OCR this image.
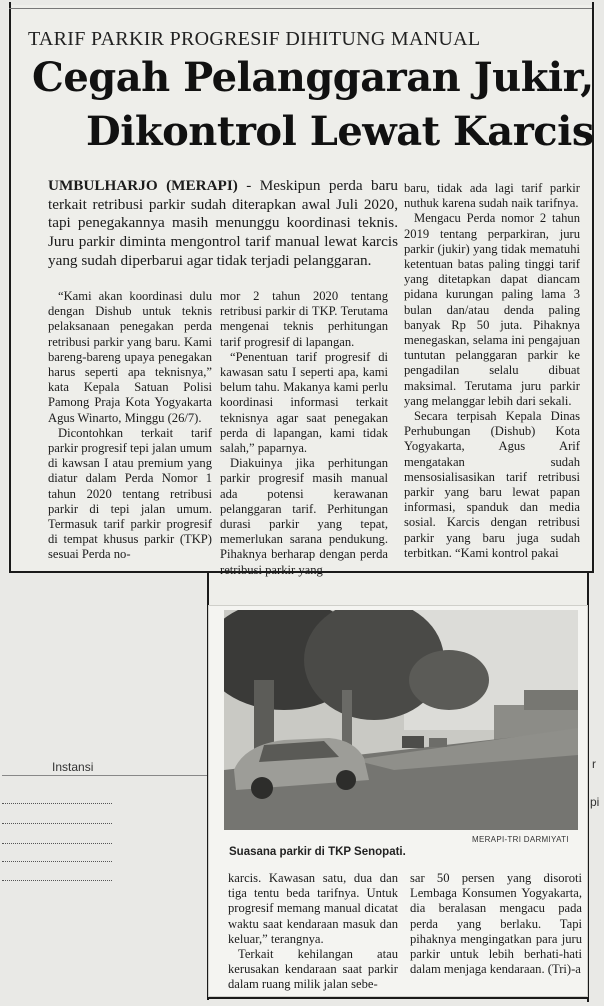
Instansi
pi
r
TARIF PARKIR PROGRESIF DIHITUNG MANUAL
Cegah Pelanggaran Jukir,
Dikontrol Lewat Karcis
UMBULHARJO (MERAPI) - Meskipun perda baru terkait retribusi parkir sudah diterapkan awal Juli 2020, tapi penegakannya masih menunggu koordinasi teknis. Juru parkir diminta mengontrol tarif manual lewat karcis yang sudah diperbarui agar tidak terjadi pelanggaran.

“Kami akan koordinasi dulu dengan Dishub untuk teknis pelaksanaan penegakan perda retribusi parkir yang baru. Kami bareng-bareng upaya penegakan harus seperti apa teknisnya,” kata Kepala Satuan Polisi Pamong Praja Kota Yogyakarta Agus Winarto, Minggu (26/7).

Dicontohkan terkait tarif parkir progresif tepi jalan umum di kawsan I atau premium yang diatur dalam Perda Nomor 1 tahun 2020 tentang retribusi parkir di tepi jalan umum. Termasuk tarif parkir progresif di tempat khusus parkir (TKP) sesuai Perda no-

mor 2 tahun 2020 tentang retribusi parkir di TKP. Terutama mengenai teknis perhitungan tarif progresif di lapangan.

“Penentuan tarif progresif di kawasan satu I seperti apa, kami belum tahu. Makanya kami perlu koordinasi informasi terkait teknisnya agar saat penegakan perda di lapangan, kami tidak salah,” paparnya.

Diakuinya jika perhitungan parkir progresif masih manual ada potensi kerawanan pelanggaran tarif. Perhitungan durasi parkir yang tepat, memerlukan sarana pendukung. Pihaknya berharap dengan perda retribusi parkir yang

baru, tidak ada lagi tarif parkir nuthuk karena sudah naik tarifnya.

Mengacu Perda nomor 2 tahun 2019 tentang perparkiran, juru parkir (jukir) yang tidak mematuhi ketentuan batas paling tinggi tarif yang ditetapkan dapat diancam pidana kurungan paling lama 3 bulan dan/atau denda paling banyak Rp 50 juta. Pihaknya menegaskan, selama ini pengajuan tuntutan pelanggaran parkir ke pengadilan selalu dibuat maksimal. Terutama juru parkir yang melanggar lebih dari sekali.

Secara terpisah Kepala Dinas Perhubungan (Dishub) Kota Yogyakarta, Agus Arif mengatakan sudah mensosialisasikan tarif retribusi parkir yang baru lewat papan informasi, spanduk dan media sosial. Karcis dengan retribusi parkir yang baru juga sudah terbitkan. “Kami kontrol pakai

MERAPI-TRI DARMIYATI
Suasana parkir di TKP Senopati.

karcis. Kawasan satu, dua dan tiga tentu beda tarifnya. Untuk progresif memang manual dicatat waktu saat kendaraan masuk dan keluar,” terangnya.

Terkait kehilangan atau kerusakan kendaraan saat parkir dalam ruang milik jalan sebe-

sar 50 persen yang disoroti Lembaga Konsumen Yogyakarta, dia beralasan mengacu pada perda yang berlaku. Tapi pihaknya mengingatkan para juru parkir untuk lebih berhati-hati dalam menjaga kendaraan. (Tri)-a
